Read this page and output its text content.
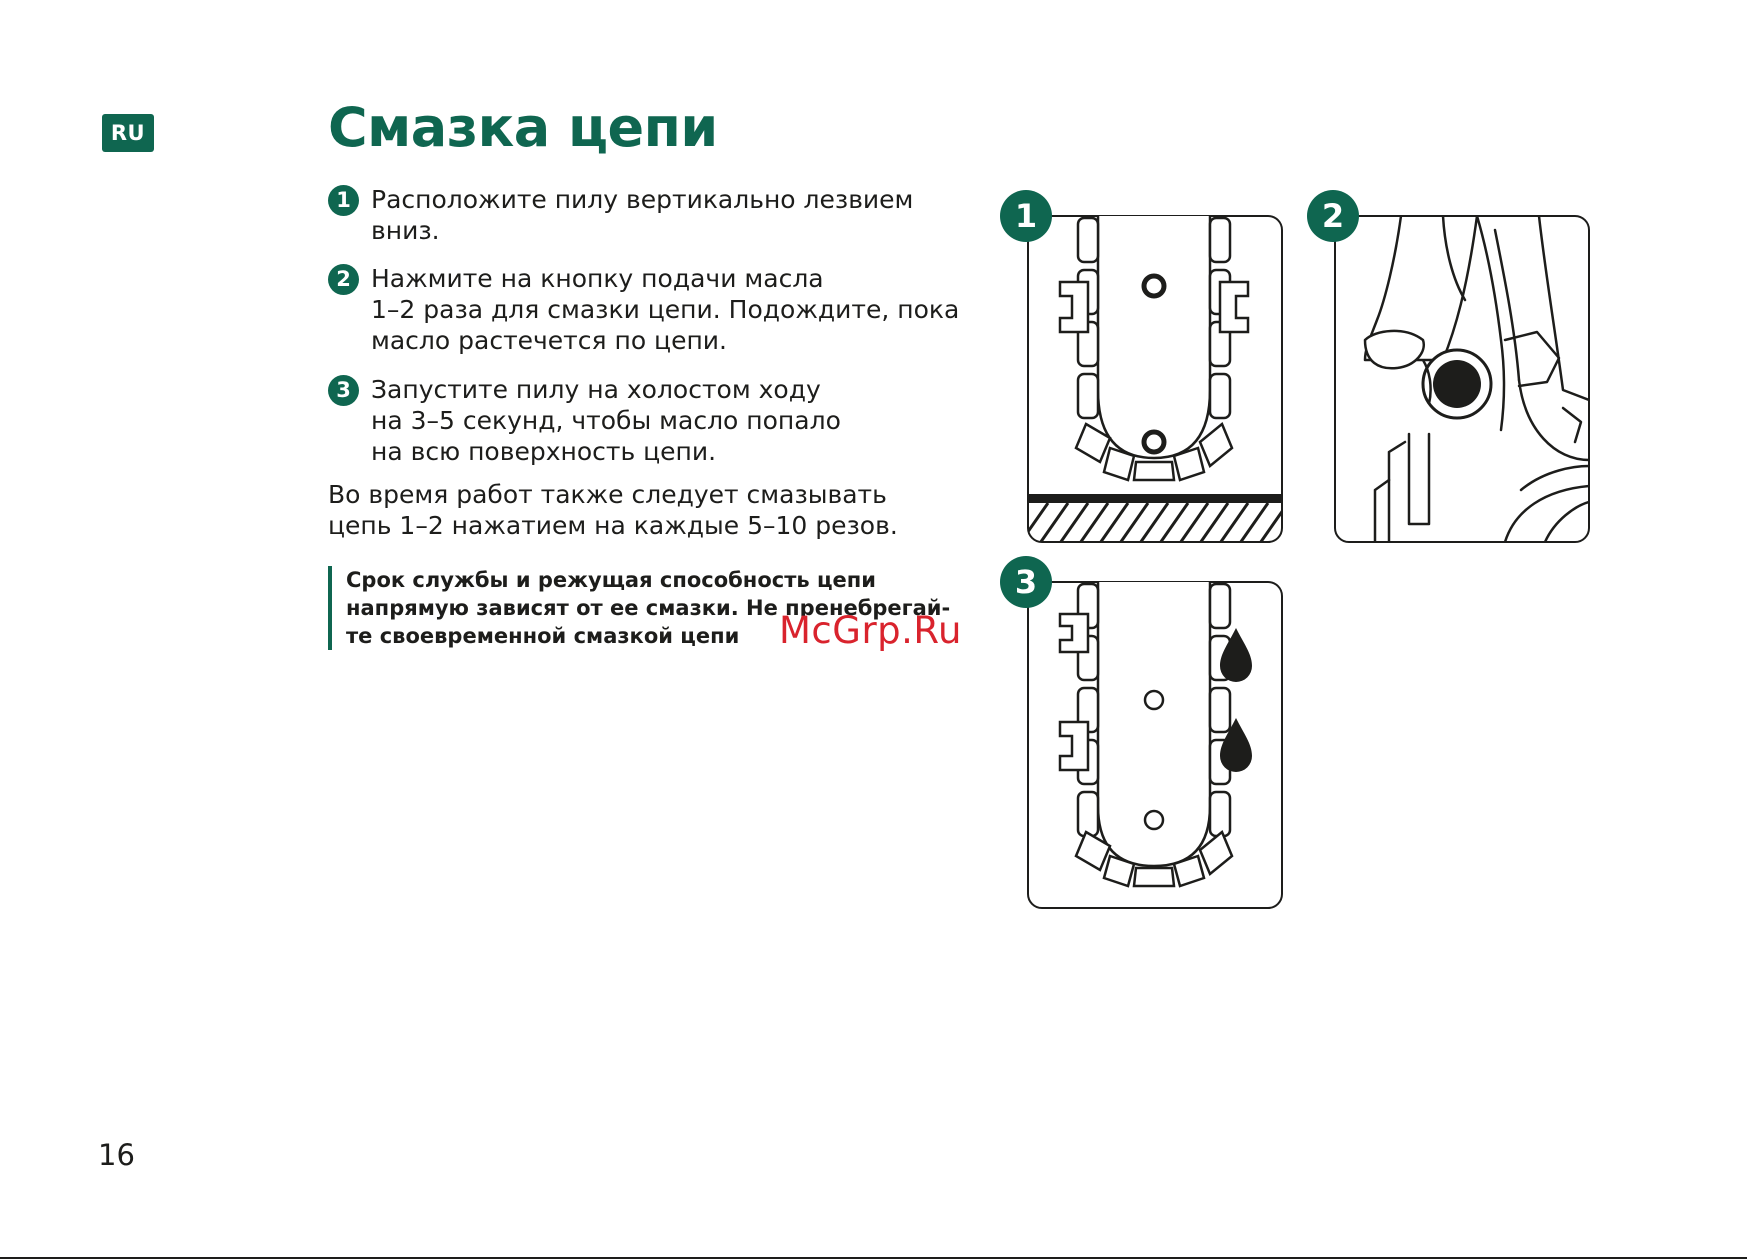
RU	Смазка цепи
1 Расположите пилу вертикально лезвием
вниз.
2 Нажмите на кнопку подачи масла
1–2 раза для смазки цепи. Подождите, пока
масло растечется по цепи.
3 Запустите пилу на холостом ходу
на 3–5 секунд, чтобы масло попало
на всю поверхность цепи.
Во время работ также следует смазывать
цепь 1–2 нажатием на каждые 5–10 резов.
Срок службы и режущая способность цепи
напрямую зависят от ее смазки. Не пренебрегай-
те своевременной смазкой цепи	McGrp.Ru
1	2
3
16
